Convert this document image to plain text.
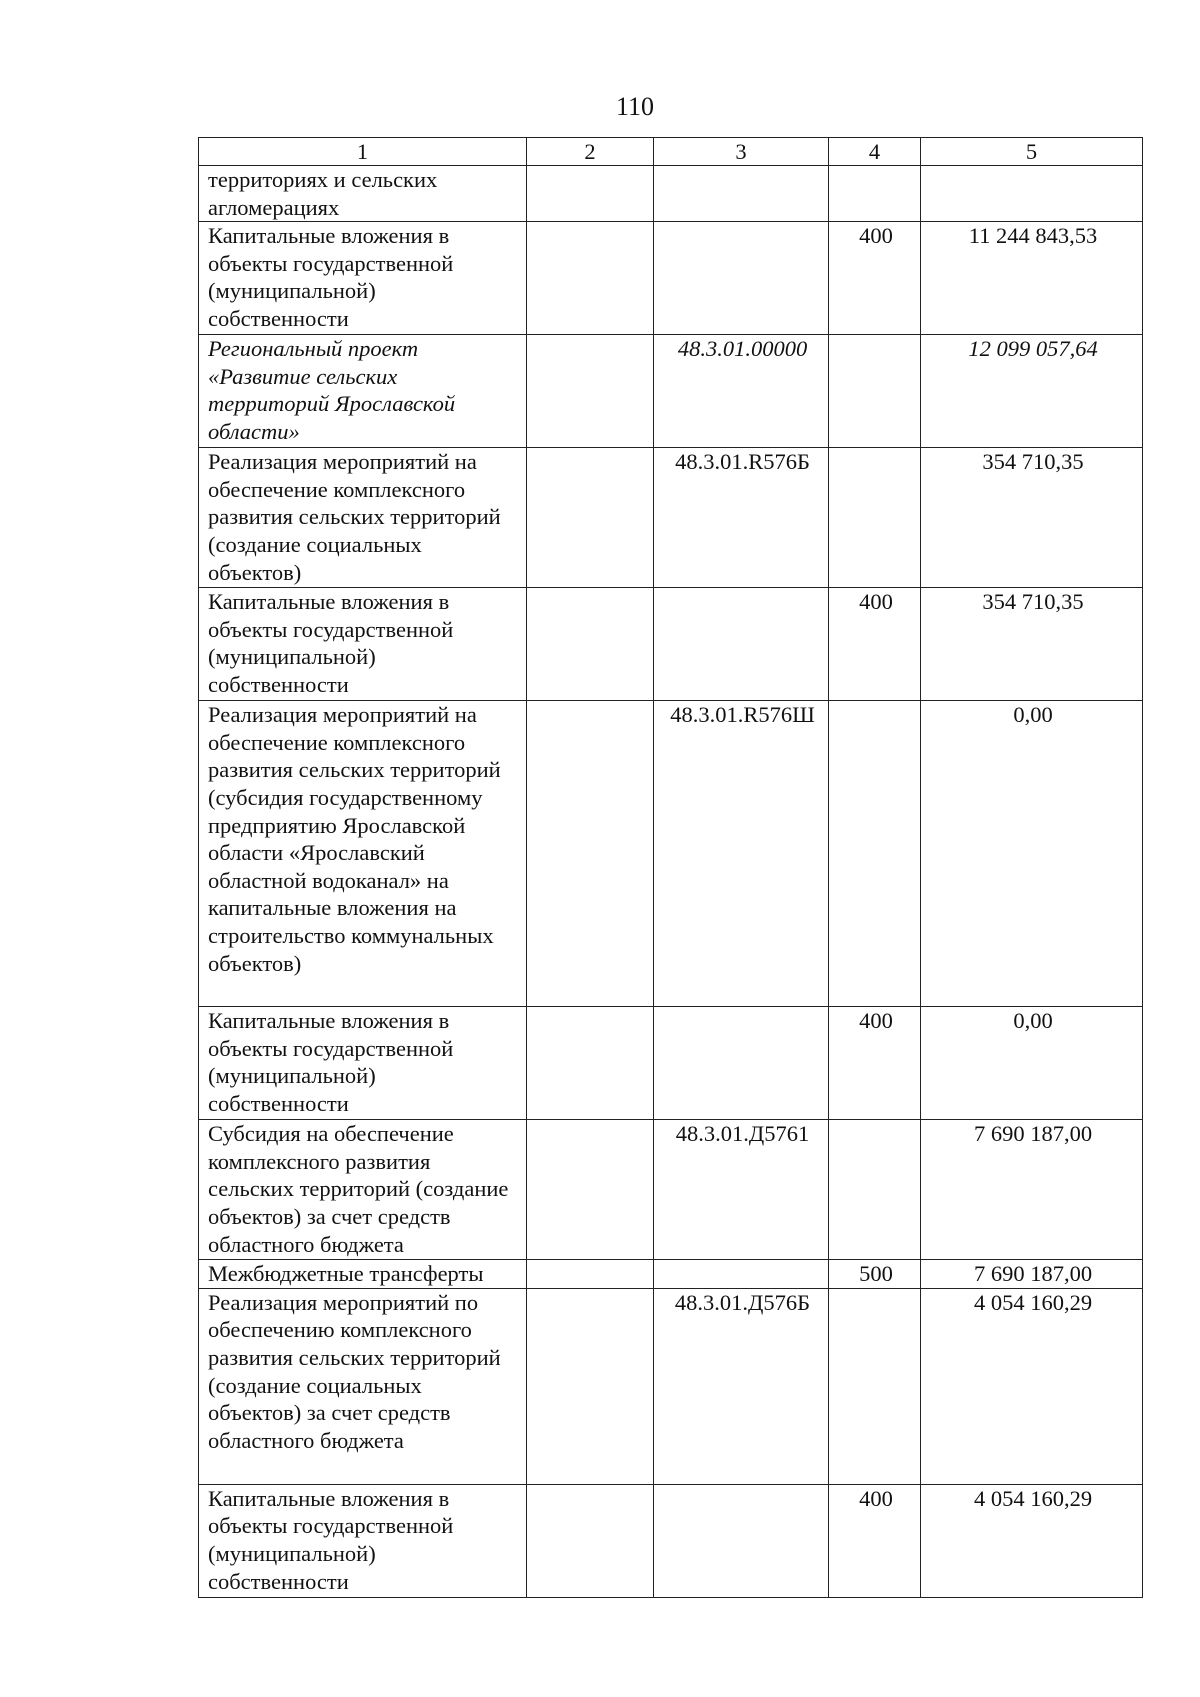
110
1	2	3	4	5
территориях и сельских агломерациях				
Капитальные вложения в объекты государственной (муниципальной) собственности			400	11 244 843,53
Региональный проект «Развитие сельских территорий Ярославской области»		48.3.01.00000		12 099 057,64
Реализация мероприятий на обеспечение комплексного развития сельских территорий (создание социальных объектов)		48.3.01.R576Б		354 710,35
Капитальные вложения в объекты государственной (муниципальной) собственности			400	354 710,35
Реализация мероприятий на обеспечение комплексного развития сельских территорий (субсидия государственному предприятию Ярославской области «Ярославский областной водоканал» на капитальные вложения на строительство коммунальных объектов)		48.3.01.R576Ш		0,00
Капитальные вложения в объекты государственной (муниципальной) собственности			400	0,00
Субсидия на обеспечение комплексного развития сельских территорий (создание объектов) за счет средств областного бюджета		48.3.01.Д5761		7 690 187,00
Межбюджетные трансферты			500	7 690 187,00
Реализация мероприятий по обеспечению комплексного развития сельских территорий (создание социальных объектов) за счет средств областного бюджета		48.3.01.Д576Б		4 054 160,29
Капитальные вложения в объекты государственной (муниципальной) собственности			400	4 054 160,29
